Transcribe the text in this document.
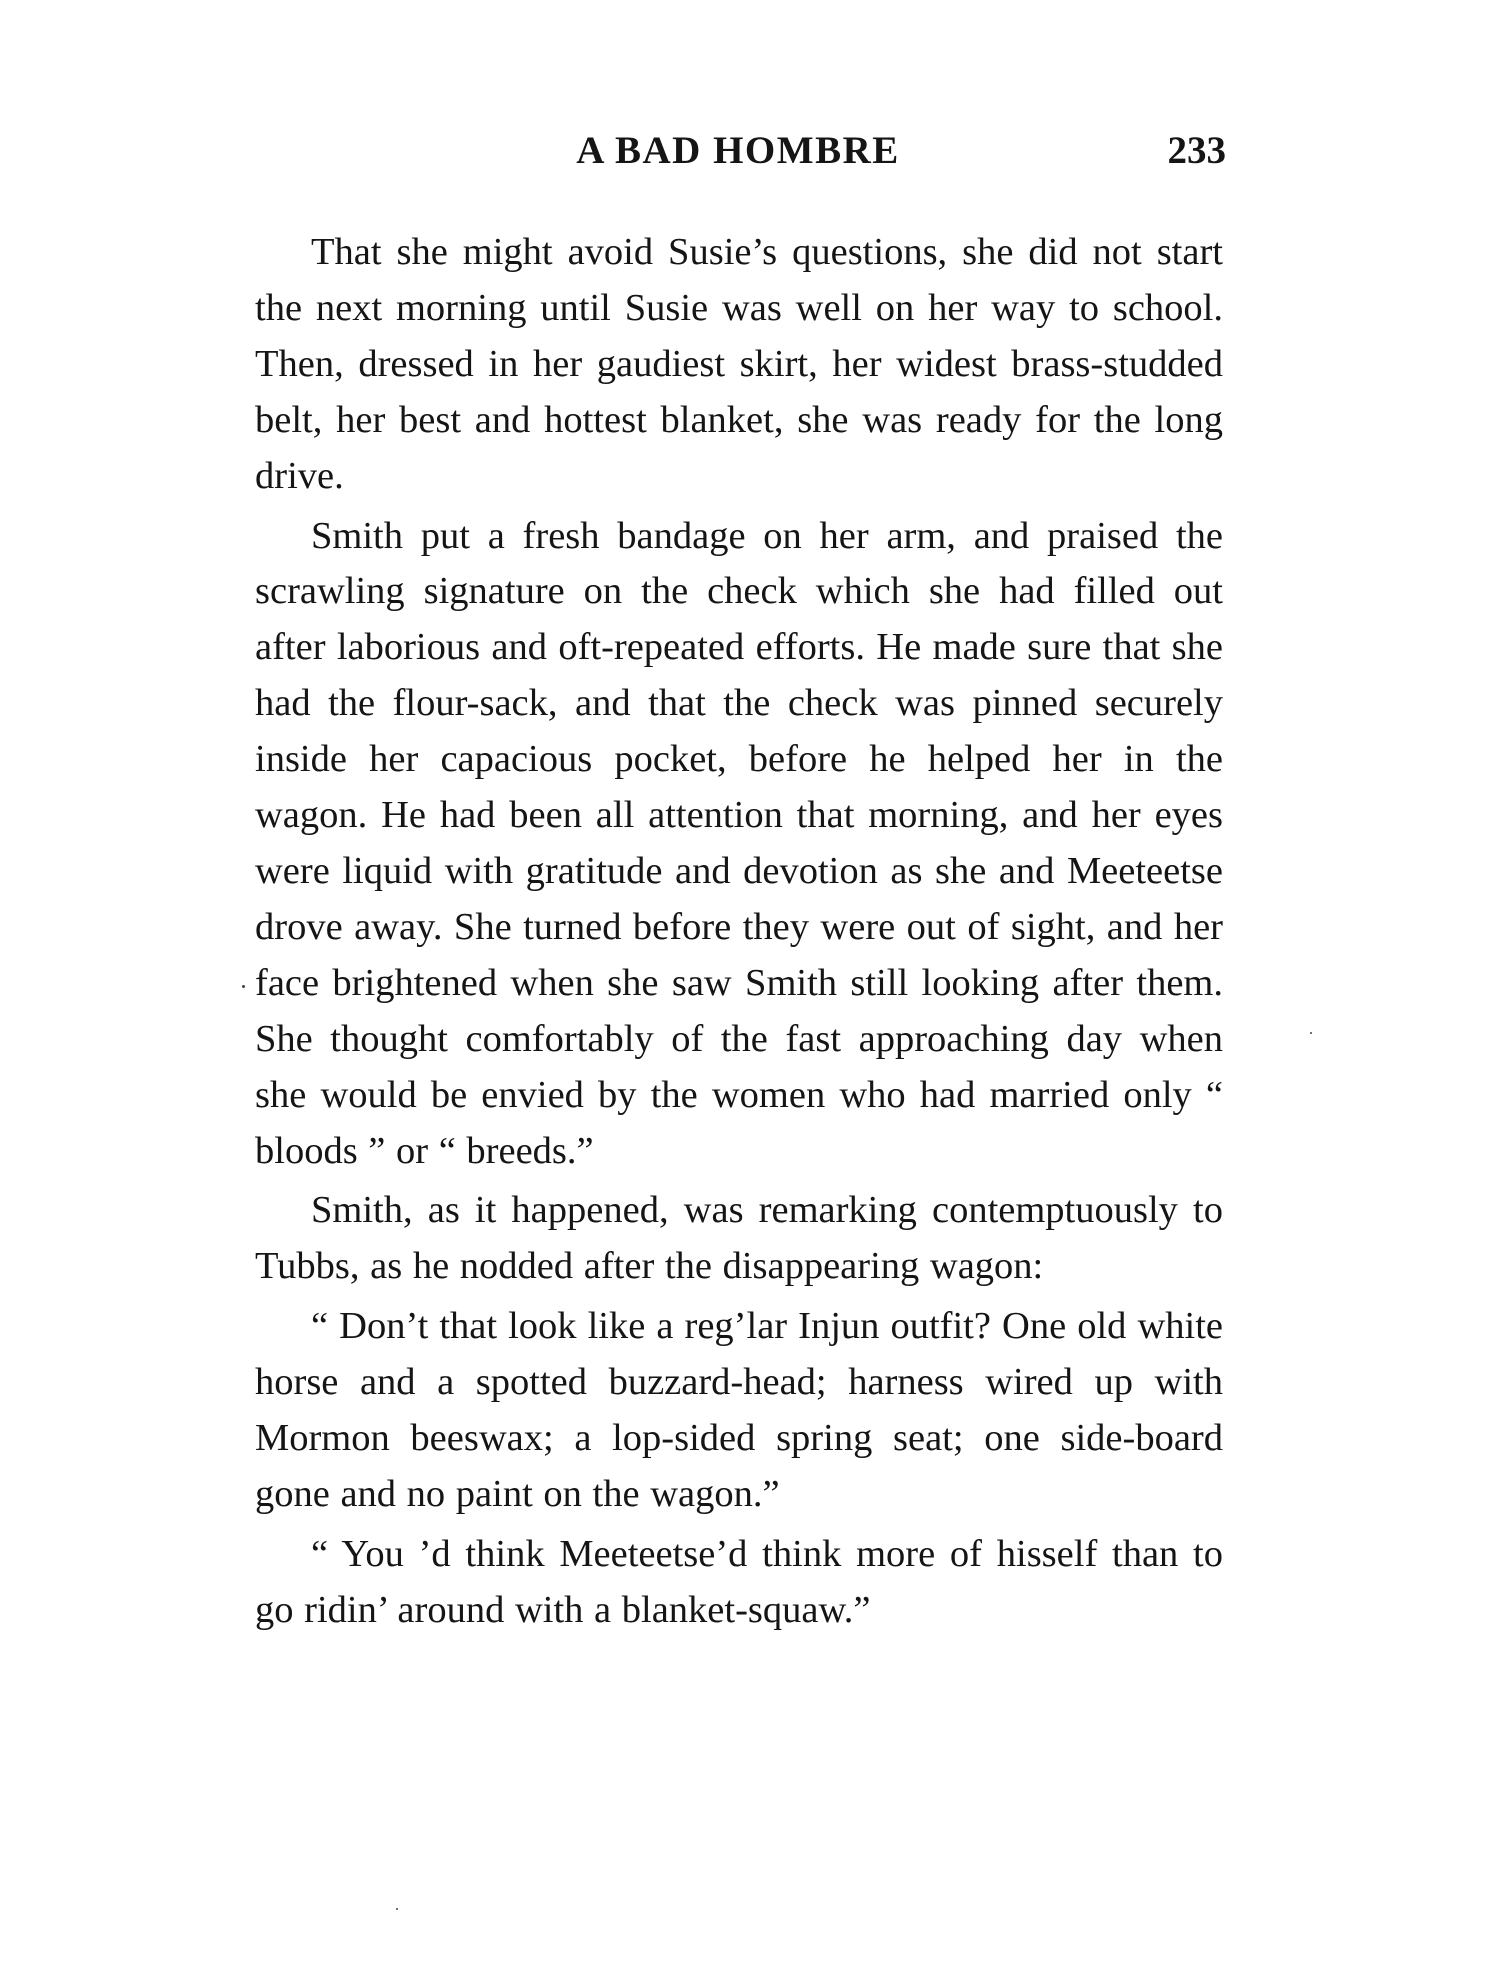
A BAD HOMBRE	233

That she might avoid Susie’s questions, she did not start the next morning until Susie was well on her way to school. Then, dressed in her gaudiest skirt, her widest brass-studded belt, her best and hottest blanket, she was ready for the long drive.

Smith put a fresh bandage on her arm, and praised the scrawling signature on the check which she had filled out after laborious and oft-repeated efforts. He made sure that she had the flour-sack, and that the check was pinned securely inside her capacious pocket, before he helped her in the wagon. He had been all attention that morning, and her eyes were liquid with gratitude and devotion as she and Meeteetse drove away. She turned before they were out of sight, and her face brightened when she saw Smith still looking after them. She thought comfortably of the fast approaching day when she would be envied by the women who had married only “ bloods ” or “ breeds.”

Smith, as it happened, was remarking contemptuously to Tubbs, as he nodded after the disappearing wagon:

“ Don’t that look like a reg’lar Injun outfit? One old white horse and a spotted buzzard-head; harness wired up with Mormon beeswax; a lop-sided spring seat; one side-board gone and no paint on the wagon.”

“ You ’d think Meeteetse’d think more of hisself than to go ridin’ around with a blanket-squaw.”
